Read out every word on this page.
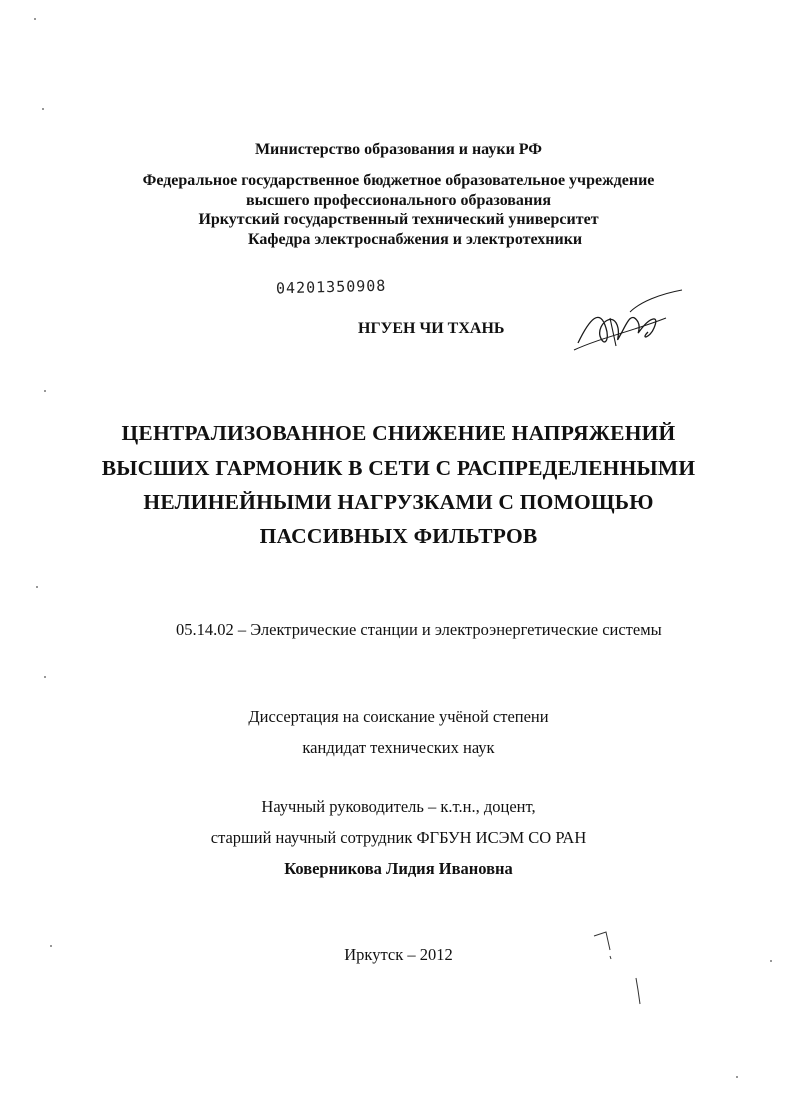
Министерство образования и науки РФ
Федеральное государственное бюджетное образовательное учреждение
высшего профессионального образования
Иркутский государственный технический университет
Кафедра электроснабжения и электротехники
04201350908
НГУЕН ЧИ ТХАНЬ
ЦЕНТРАЛИЗОВАННОЕ СНИЖЕНИЕ НАПРЯЖЕНИЙ
ВЫСШИХ ГАРМОНИК В СЕТИ С РАСПРЕДЕЛЕННЫМИ
НЕЛИНЕЙНЫМИ НАГРУЗКАМИ С ПОМОЩЬЮ
ПАССИВНЫХ ФИЛЬТРОВ
05.14.02 – Электрические станции и электроэнергетические системы
Диссертация на соискание учёной степени
кандидат технических наук
Научный руководитель – к.т.н., доцент,
старший научный сотрудник ФГБУН ИСЭМ СО РАН
Коверникова Лидия Ивановна
Иркутск – 2012
